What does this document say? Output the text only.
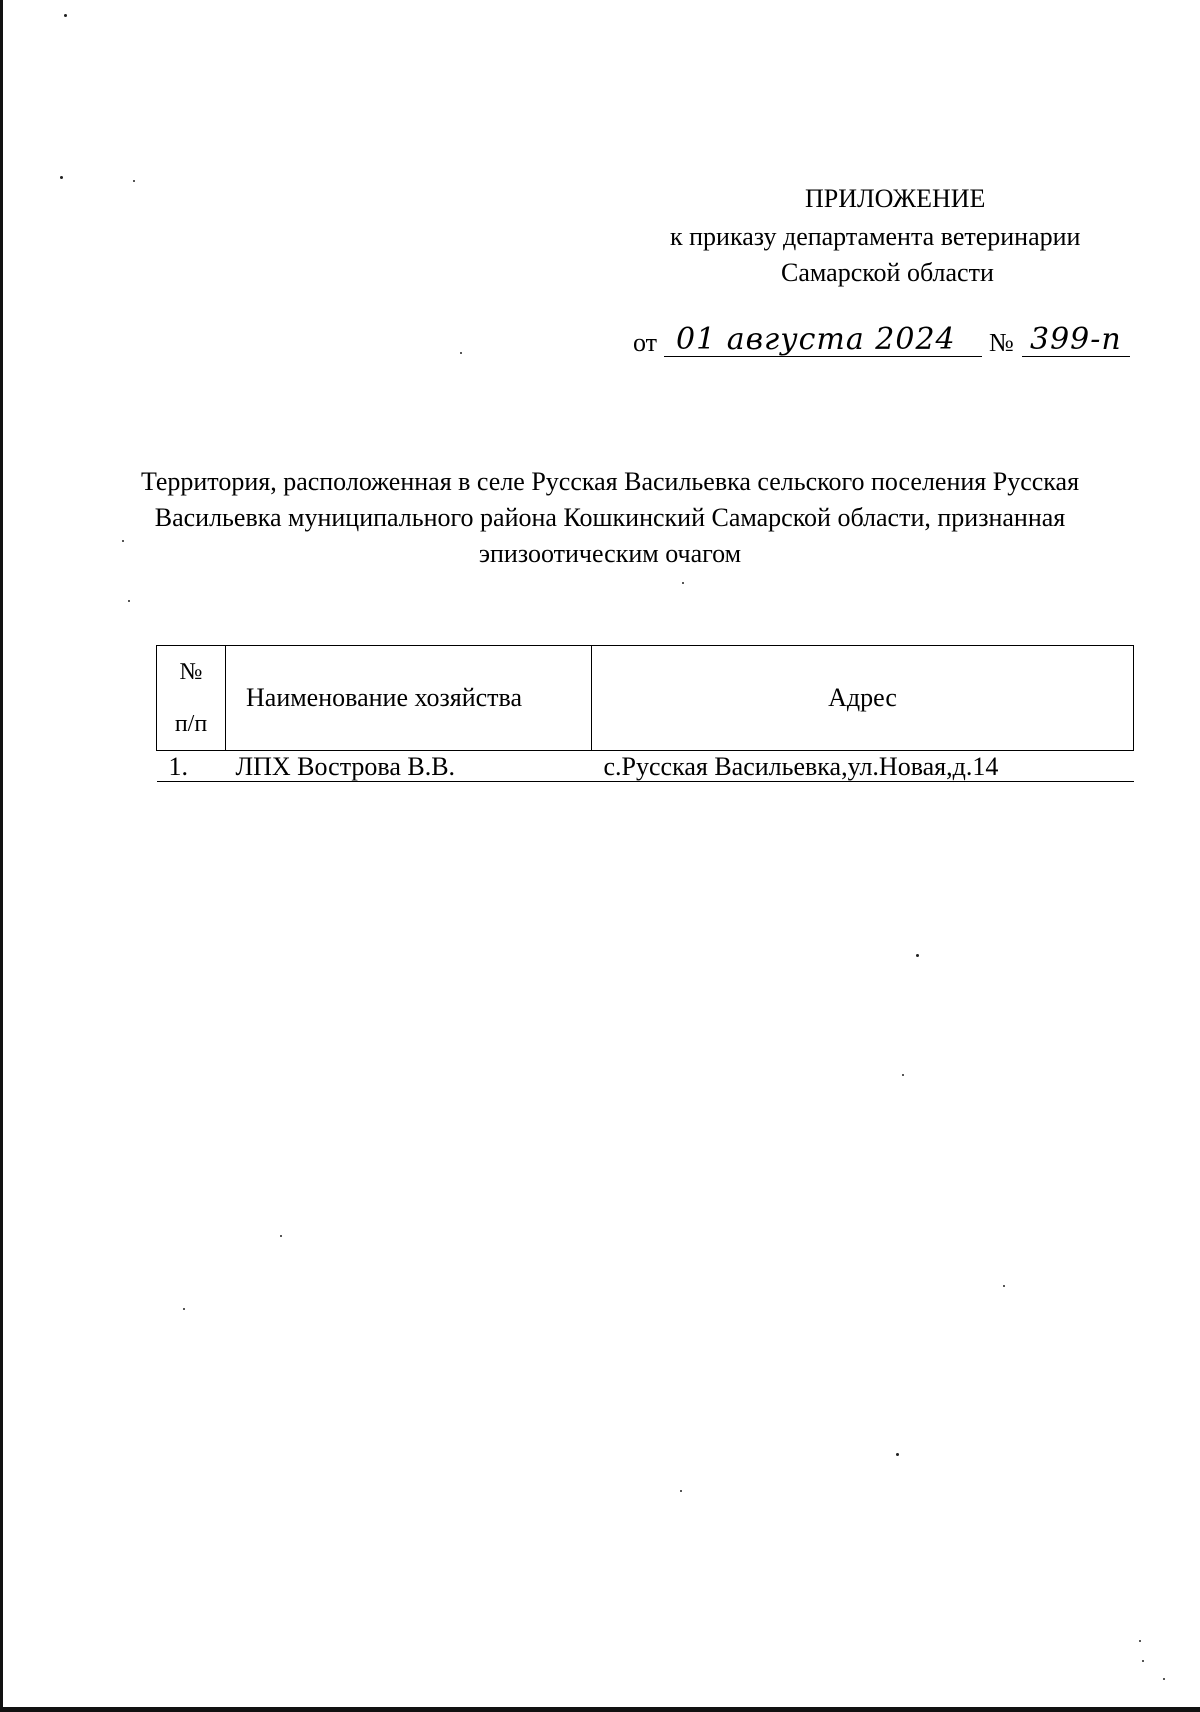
ПРИЛОЖЕНИЕ
к приказу департамента ветеринарии
Самарской области
от 01 августа 2024 № 399-п
Территория, расположенная в селе Русская Васильевка сельского поселения Русская Васильевка муниципального района Кошкинский Самарской области, признанная эпизоотическим очагом
№
п/п	Наименование хозяйства	Адрес
1.	ЛПХ Вострова В.В.	с.Русская Васильевка,ул.Новая,д.14
